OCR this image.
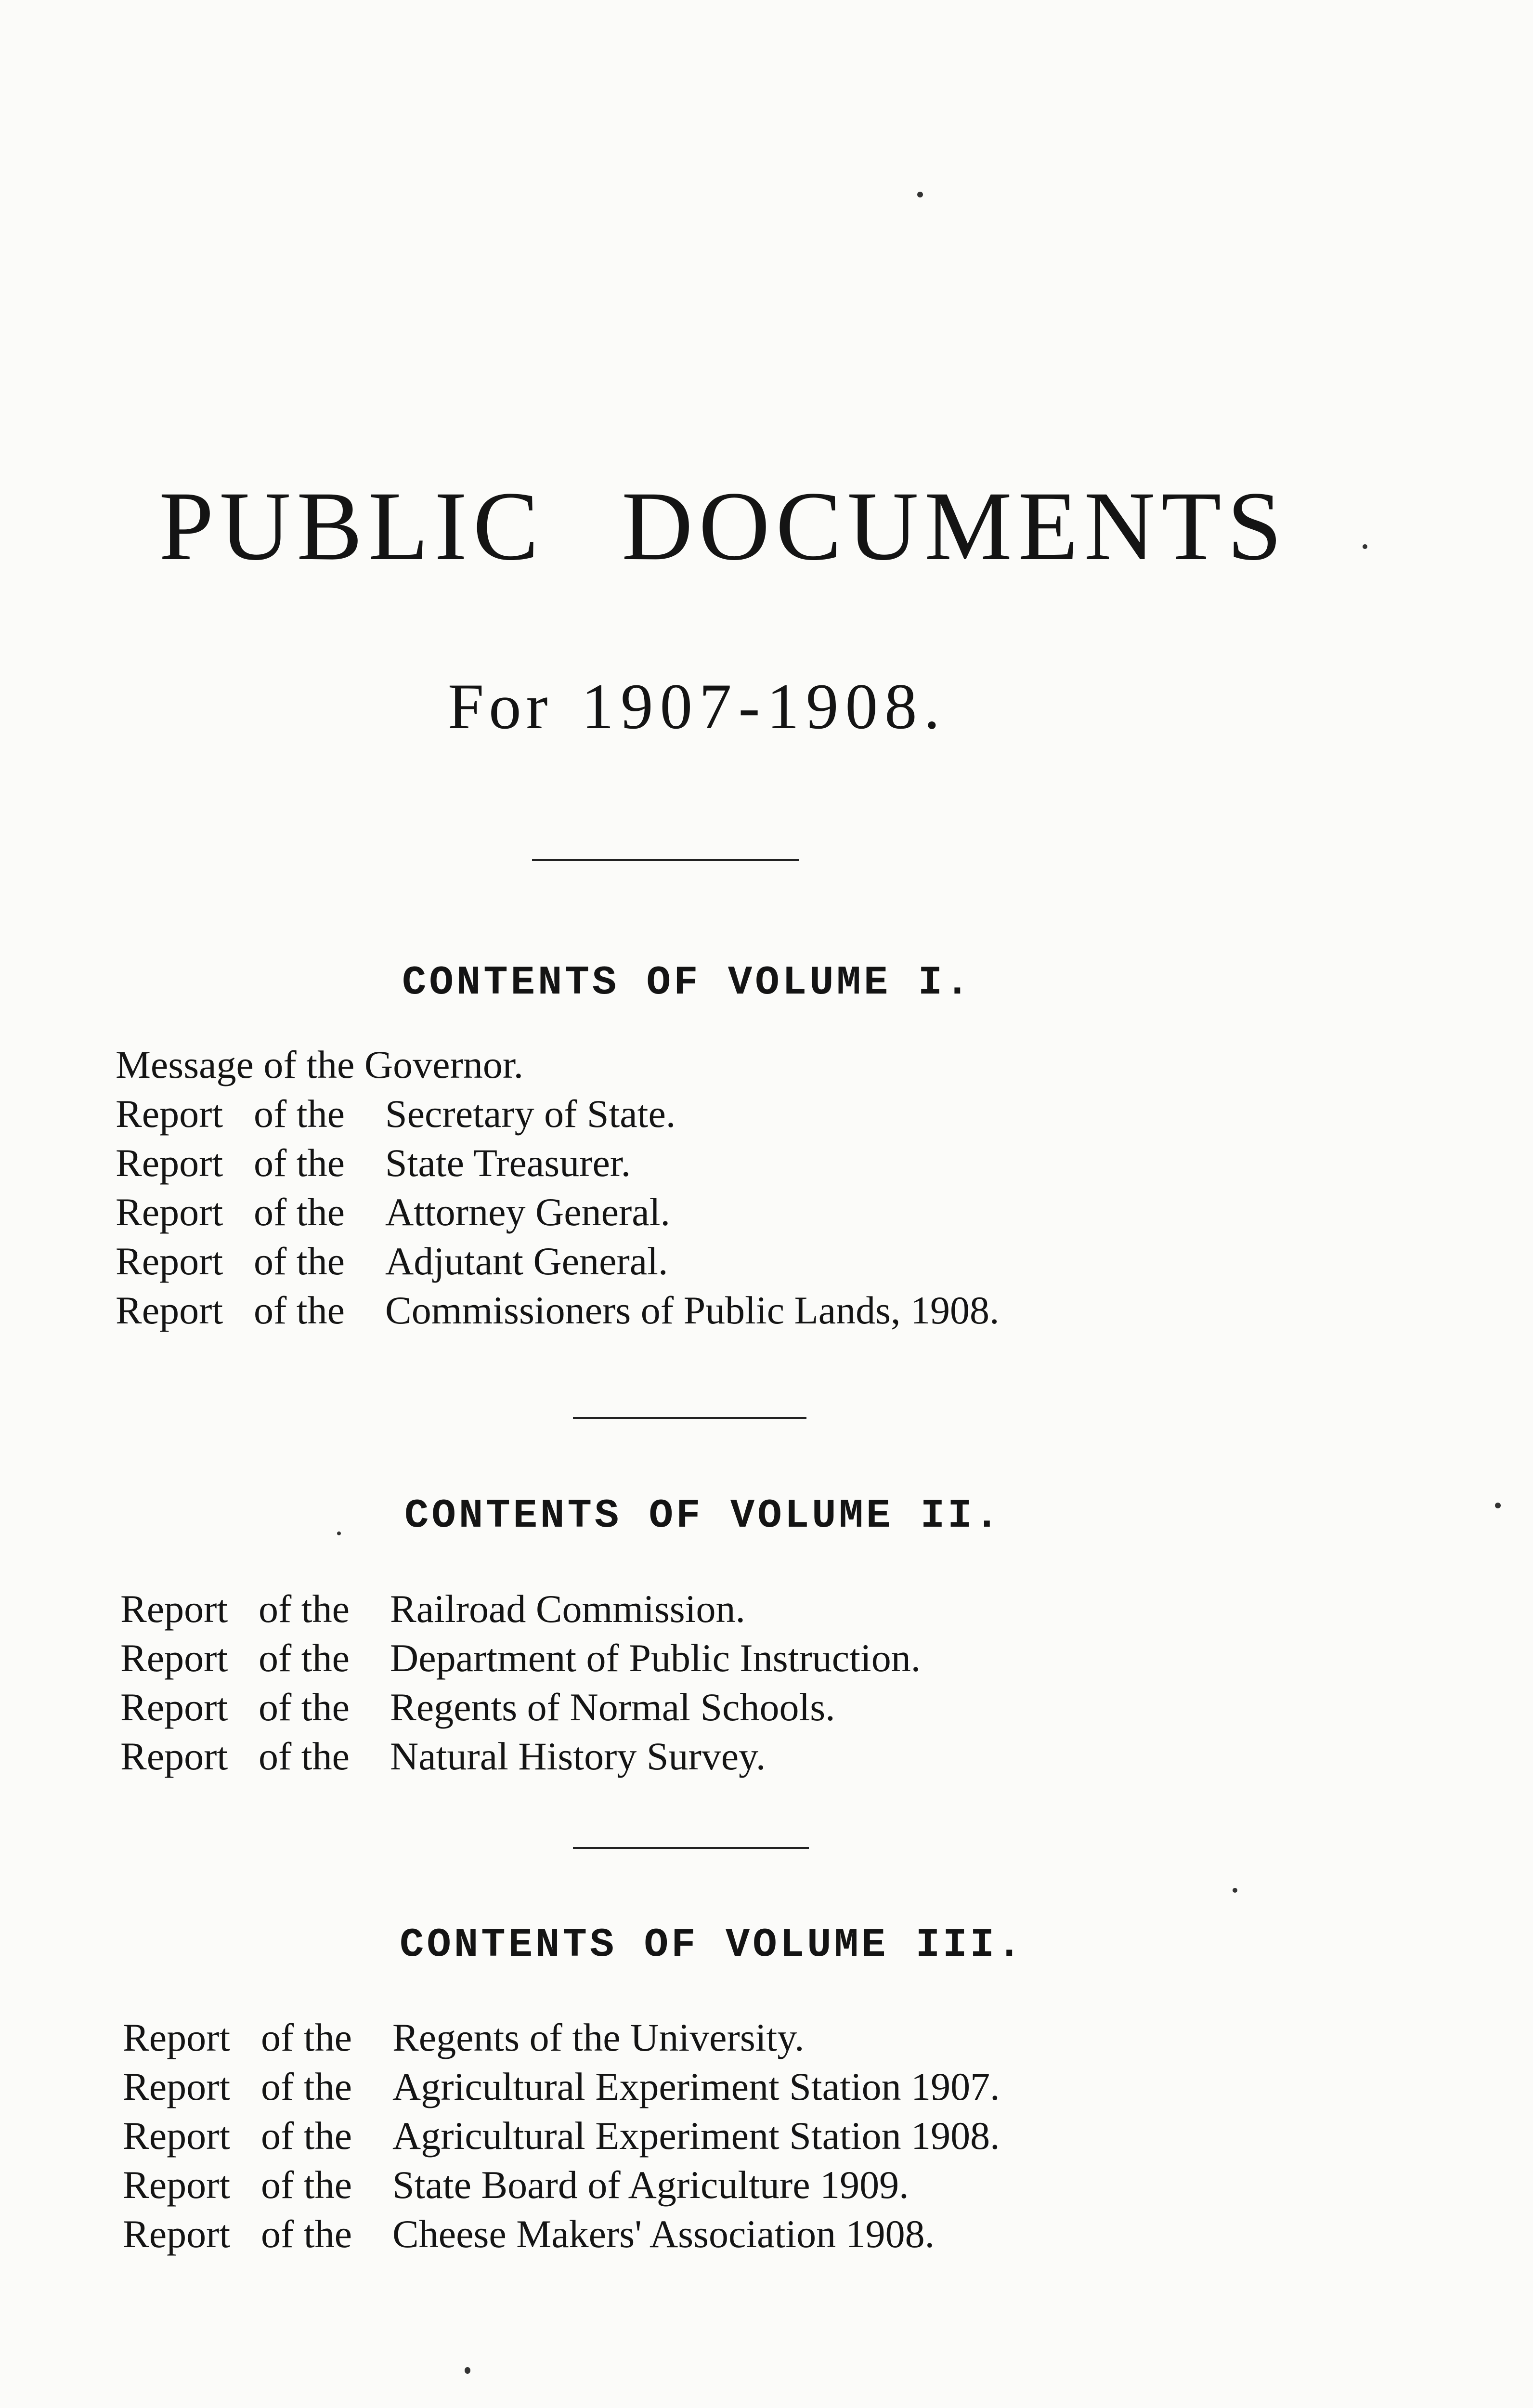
PUBLIC DOCUMENTS
For 1907-1908.
CONTENTS OF VOLUME I.
Message of the Governor.
Report of the Secretary of State.
Report of the State Treasurer.
Report of the Attorney General.
Report of the Adjutant General.
Report of the Commissioners of Public Lands, 1908.
CONTENTS OF VOLUME II.
Report of the Railroad Commission.
Report of the Department of Public Instruction.
Report of the Regents of Normal Schools.
Report of the Natural History Survey.
CONTENTS OF VOLUME III.
Report of the Regents of the University.
Report of the Agricultural Experiment Station 1907.
Report of the Agricultural Experiment Station 1908.
Report of the State Board of Agriculture 1909.
Report of the Cheese Makers' Association 1908.
